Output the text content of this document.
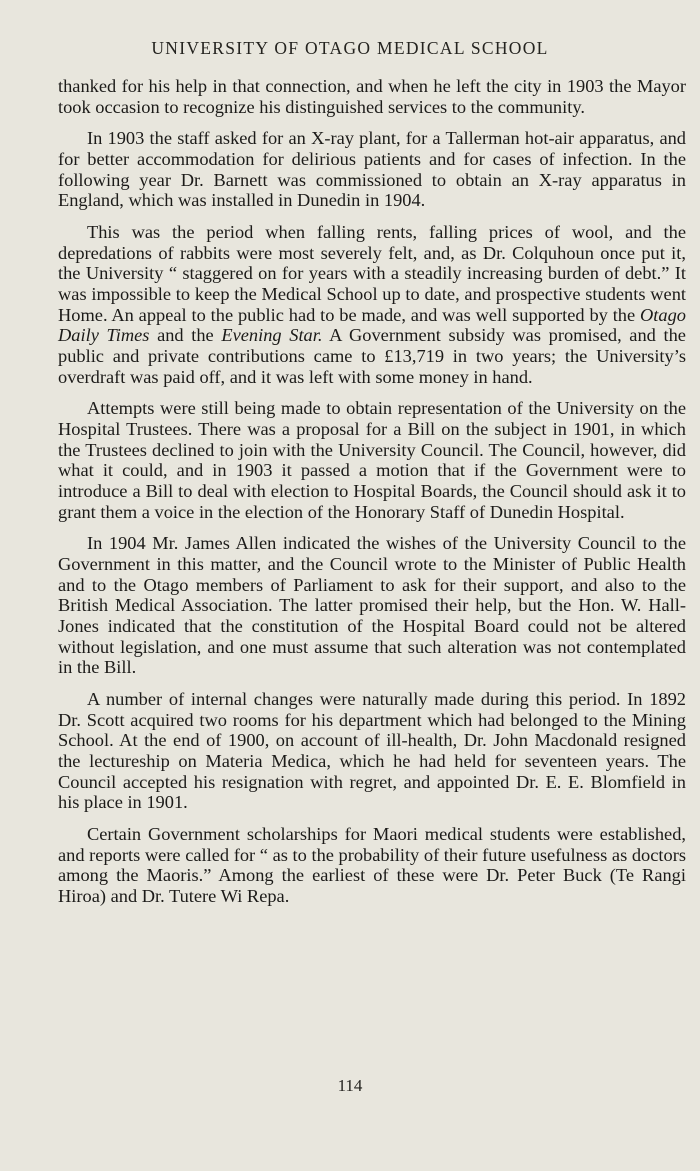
UNIVERSITY OF OTAGO MEDICAL SCHOOL

thanked for his help in that connection, and when he left the city in 1903 the Mayor took occasion to recognize his distinguished services to the community.

In 1903 the staff asked for an X-ray plant, for a Tallerman hot-air apparatus, and for better accommodation for delirious patients and for cases of infection. In the following year Dr. Barnett was commissioned to obtain an X-ray apparatus in England, which was installed in Dunedin in 1904.

This was the period when falling rents, falling prices of wool, and the depredations of rabbits were most severely felt, and, as Dr. Colquhoun once put it, the University “ staggered on for years with a steadily increasing burden of debt.” It was impossible to keep the Medical School up to date, and prospective students went Home. An appeal to the public had to be made, and was well supported by the Otago Daily Times and the Evening Star. A Government subsidy was promised, and the public and private contributions came to £13,719 in two years; the University’s overdraft was paid off, and it was left with some money in hand.

Attempts were still being made to obtain representation of the University on the Hospital Trustees. There was a proposal for a Bill on the subject in 1901, in which the Trustees declined to join with the University Council. The Council, however, did what it could, and in 1903 it passed a motion that if the Government were to introduce a Bill to deal with election to Hospital Boards, the Council should ask it to grant them a voice in the election of the Honorary Staff of Dunedin Hospital.

In 1904 Mr. James Allen indicated the wishes of the University Council to the Government in this matter, and the Council wrote to the Minister of Public Health and to the Otago members of Parliament to ask for their support, and also to the British Medical Association. The latter promised their help, but the Hon. W. Hall-Jones indicated that the constitution of the Hospital Board could not be altered without legislation, and one must assume that such alteration was not contemplated in the Bill.

A number of internal changes were naturally made during this period. In 1892 Dr. Scott acquired two rooms for his department which had belonged to the Mining School. At the end of 1900, on account of ill-health, Dr. John Macdonald resigned the lectureship on Materia Medica, which he had held for seventeen years. The Council accepted his resignation with regret, and appointed Dr. E. E. Blomfield in his place in 1901.

Certain Government scholarships for Maori medical students were established, and reports were called for “ as to the probability of their future usefulness as doctors among the Maoris.” Among the earliest of these were Dr. Peter Buck (Te Rangi Hiroa) and Dr. Tutere Wi Repa.

114
